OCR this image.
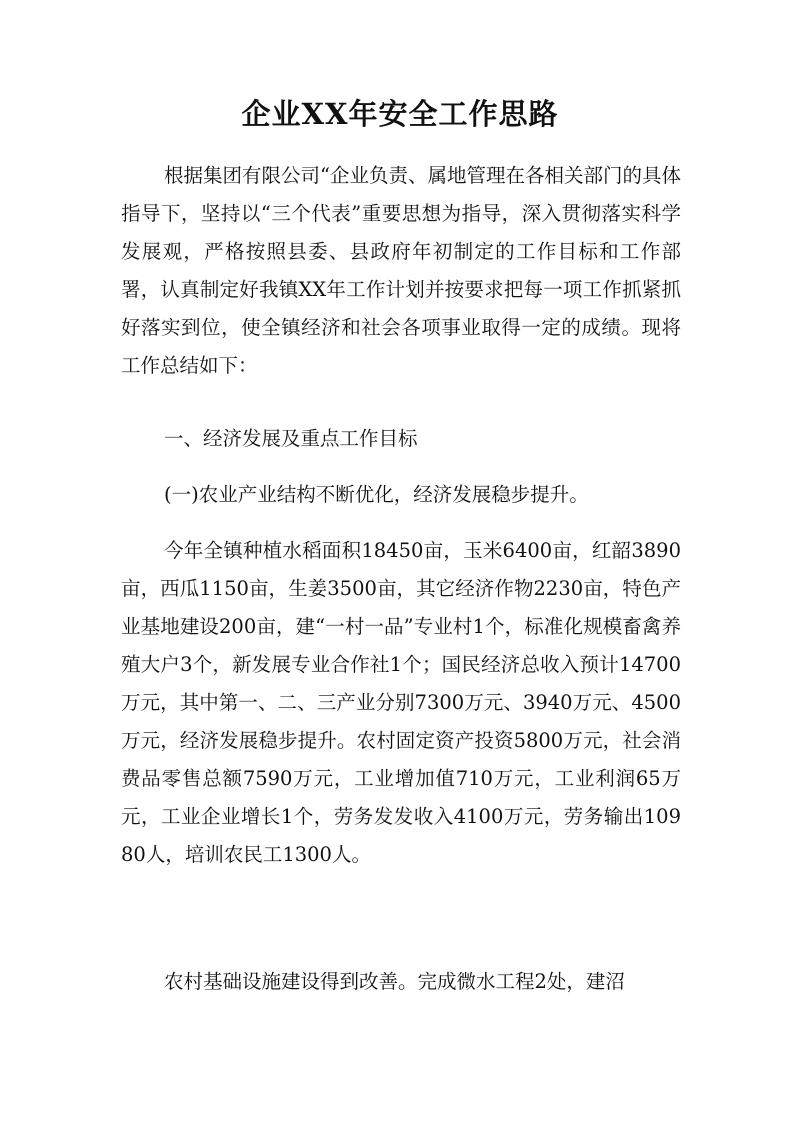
企业XX年安全工作思路
根据集团有限公司“企业负责、属地管理在各相关部门的具体指导下，坚持以“三个代表”重要思想为指导，深入贯彻落实科学发展观，严格按照县委、县政府年初制定的工作目标和工作部署，认真制定好我镇XX年工作计划并按要求把每一项工作抓紧抓好落实到位，使全镇经济和社会各项事业取得一定的成绩。现将工作总结如下：
一、经济发展及重点工作目标
(一)农业产业结构不断优化，经济发展稳步提升。
今年全镇种植水稻面积18450亩，玉米6400亩，红韶3890亩，西瓜1150亩，生姜3500亩，其它经济作物2230亩，特色产业基地建设200亩，建“一村一品”专业村1个，标准化规模畜禽养殖大户3个，新发展专业合作社1个；国民经济总收入预计14700万元，其中第一、二、三产业分别7300万元、3940万元、4500万元，经济发展稳步提升。农村固定资产投资5800万元，社会消费品零售总额7590万元，工业增加值710万元，工业利润65万元，工业企业增长1个，劳务发发收入4100万元，劳务输出10980人，培训农民工1300人。
农村基础设施建设得到改善。完成微水工程2处，建沼
